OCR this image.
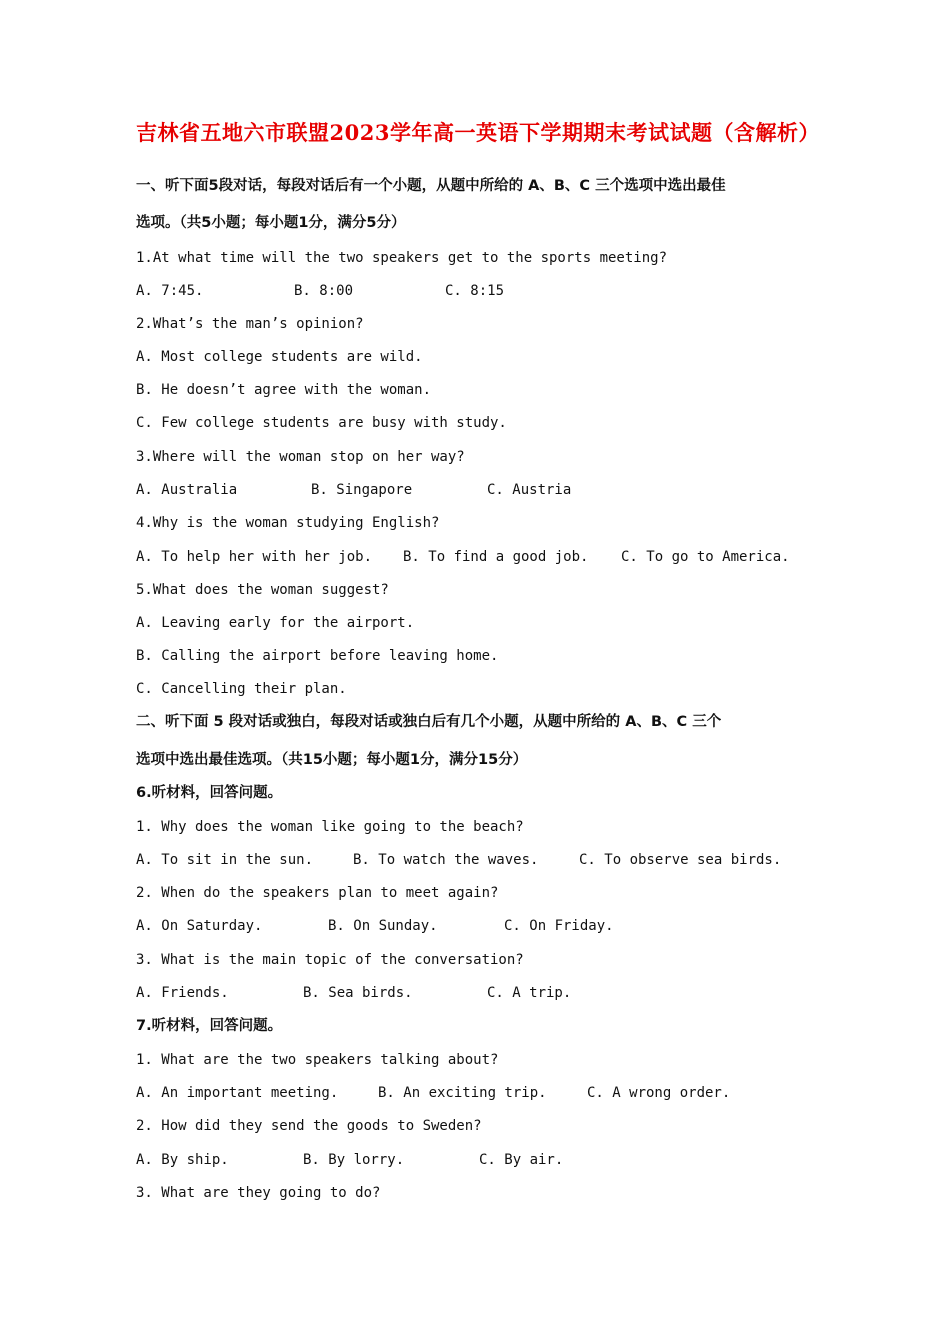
吉林省五地六市联盟2023学年高一英语下学期期末考试试题（含解析）
一、听下面5段对话，每段对话后有一个小题，从题中所给的 A、B、C 三个选项中选出最佳
选项。（共5小题；每小题1分，满分5分）
1.At what time will the two speakers get to the sports meeting?

A. 7:45.

	B. 8:00

	C. 8:15

2.What’s the man’s opinion?
A. Most college students are wild.
B. He doesn’t agree with the woman.
C. Few college students are busy with study.
3.Where will the woman stop on her way?

A. Australia

	B. Singapore

	C. Austria

4.Why is the woman studying English?

A. To help her with her job.

B. To find a good job.

C. To go to America.

5.What does the woman suggest?
A. Leaving early for the airport.
B. Calling the airport before leaving home.
C. Cancelling their plan.
二、听下面 5 段对话或独白，每段对话或独白后有几个小题，从题中所给的 A、B、C 三个
选项中选出最佳选项。（共15小题；每小题1分，满分15分）
6.听材料，回答问题。
1. Why does the woman like going to the beach?

A. To sit in the sun.

	B. To watch the waves.

	C. To observe sea birds.

2. When do the speakers plan to meet again?

A. On Saturday.

	B. On Sunday.

	C. On Friday.

3. What is the main topic of the conversation?

A. Friends.

	B. Sea birds.

	C. A trip.

7.听材料，回答问题。
1. What are the two speakers talking about?

A. An important meeting.

	B. An exciting trip.

	C. A wrong order.

2. How did they send the goods to Sweden?

A. By ship.

	B. By lorry.

	C. By air.

3. What are they going to do?
